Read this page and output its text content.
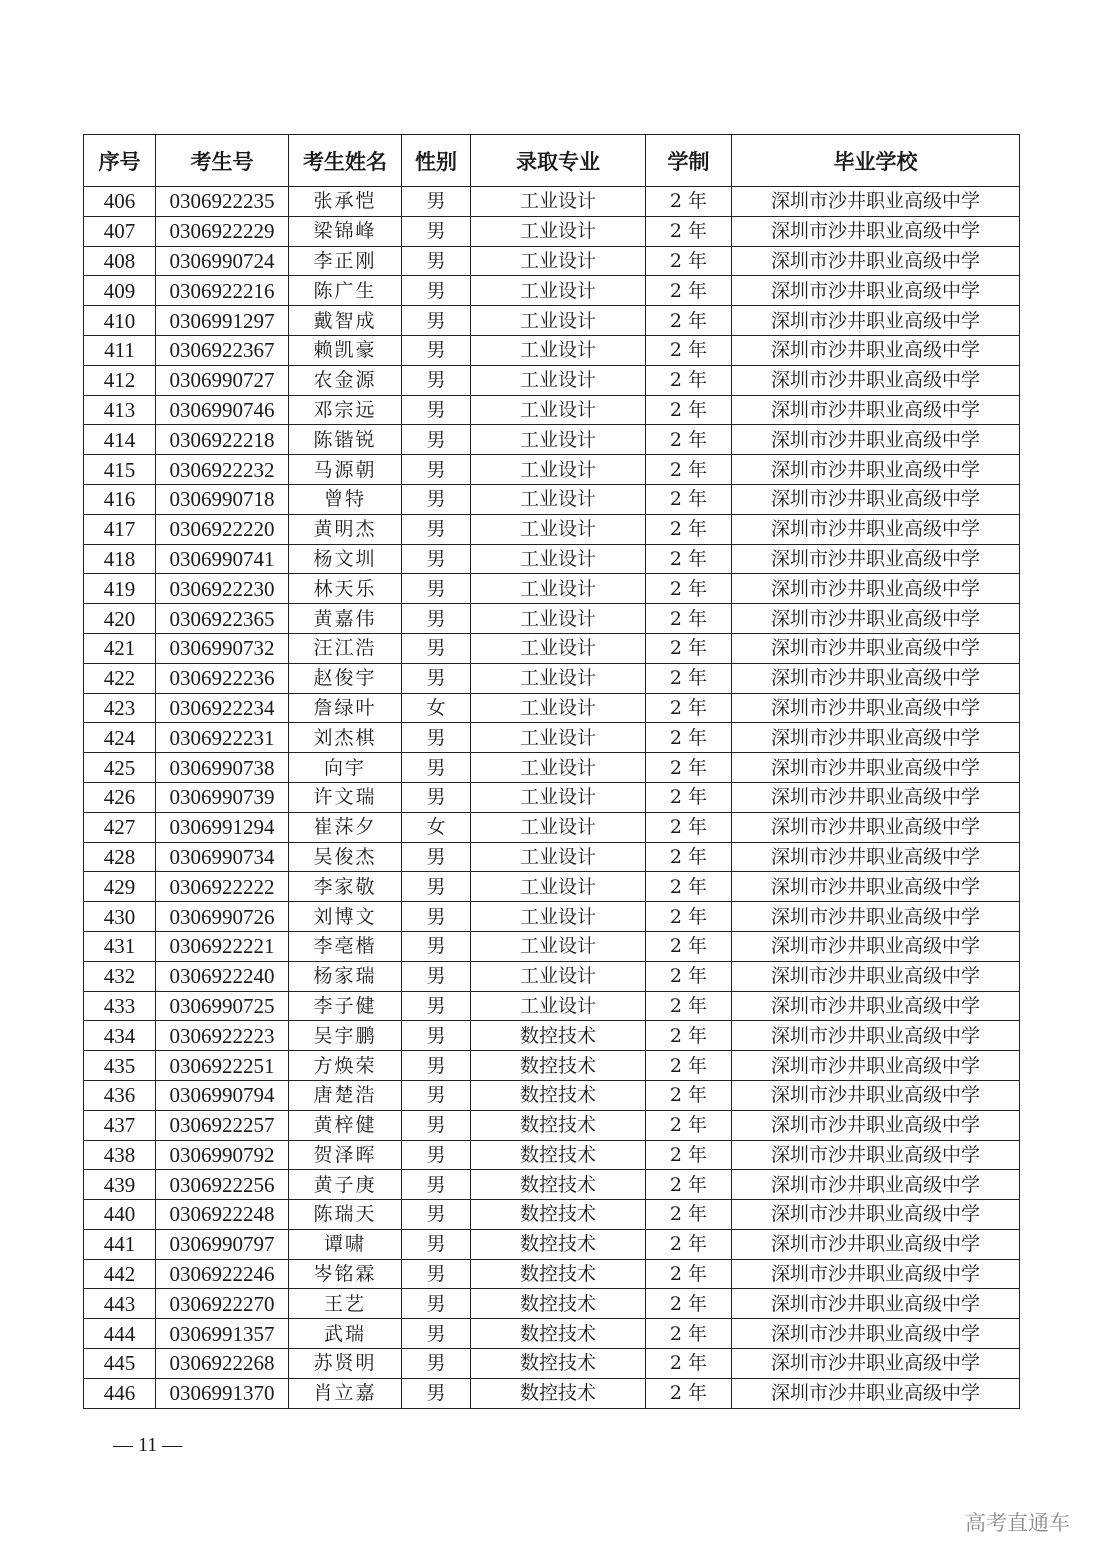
序号	考生号	考生姓名	性别	录取专业	学制	毕业学校
406	0306922235	张承恺	男	工业设计	2 年	深圳市沙井职业高级中学
407	0306922229	梁锦峰	男	工业设计	2 年	深圳市沙井职业高级中学
408	0306990724	李正刚	男	工业设计	2 年	深圳市沙井职业高级中学
409	0306922216	陈广生	男	工业设计	2 年	深圳市沙井职业高级中学
410	0306991297	戴智成	男	工业设计	2 年	深圳市沙井职业高级中学
411	0306922367	赖凯豪	男	工业设计	2 年	深圳市沙井职业高级中学
412	0306990727	农金源	男	工业设计	2 年	深圳市沙井职业高级中学
413	0306990746	邓宗远	男	工业设计	2 年	深圳市沙井职业高级中学
414	0306922218	陈锴锐	男	工业设计	2 年	深圳市沙井职业高级中学
415	0306922232	马源朝	男	工业设计	2 年	深圳市沙井职业高级中学
416	0306990718	曾特	男	工业设计	2 年	深圳市沙井职业高级中学
417	0306922220	黄明杰	男	工业设计	2 年	深圳市沙井职业高级中学
418	0306990741	杨文圳	男	工业设计	2 年	深圳市沙井职业高级中学
419	0306922230	林天乐	男	工业设计	2 年	深圳市沙井职业高级中学
420	0306922365	黄嘉伟	男	工业设计	2 年	深圳市沙井职业高级中学
421	0306990732	汪江浩	男	工业设计	2 年	深圳市沙井职业高级中学
422	0306922236	赵俊宇	男	工业设计	2 年	深圳市沙井职业高级中学
423	0306922234	詹绿叶	女	工业设计	2 年	深圳市沙井职业高级中学
424	0306922231	刘杰棋	男	工业设计	2 年	深圳市沙井职业高级中学
425	0306990738	向宇	男	工业设计	2 年	深圳市沙井职业高级中学
426	0306990739	许文瑞	男	工业设计	2 年	深圳市沙井职业高级中学
427	0306991294	崔莯夕	女	工业设计	2 年	深圳市沙井职业高级中学
428	0306990734	吴俊杰	男	工业设计	2 年	深圳市沙井职业高级中学
429	0306922222	李家敬	男	工业设计	2 年	深圳市沙井职业高级中学
430	0306990726	刘博文	男	工业设计	2 年	深圳市沙井职业高级中学
431	0306922221	李亳楷	男	工业设计	2 年	深圳市沙井职业高级中学
432	0306922240	杨家瑞	男	工业设计	2 年	深圳市沙井职业高级中学
433	0306990725	李子健	男	工业设计	2 年	深圳市沙井职业高级中学
434	0306922223	吴宇鹏	男	数控技术	2 年	深圳市沙井职业高级中学
435	0306922251	方焕荣	男	数控技术	2 年	深圳市沙井职业高级中学
436	0306990794	唐楚浩	男	数控技术	2 年	深圳市沙井职业高级中学
437	0306922257	黄梓健	男	数控技术	2 年	深圳市沙井职业高级中学
438	0306990792	贺泽晖	男	数控技术	2 年	深圳市沙井职业高级中学
439	0306922256	黄子庚	男	数控技术	2 年	深圳市沙井职业高级中学
440	0306922248	陈瑞天	男	数控技术	2 年	深圳市沙井职业高级中学
441	0306990797	谭啸	男	数控技术	2 年	深圳市沙井职业高级中学
442	0306922246	岑铭霖	男	数控技术	2 年	深圳市沙井职业高级中学
443	0306922270	王艺	男	数控技术	2 年	深圳市沙井职业高级中学
444	0306991357	武瑞	男	数控技术	2 年	深圳市沙井职业高级中学
445	0306922268	苏贤明	男	数控技术	2 年	深圳市沙井职业高级中学
446	0306991370	肖立嘉	男	数控技术	2 年	深圳市沙井职业高级中学
— 11 —
高考直通车
